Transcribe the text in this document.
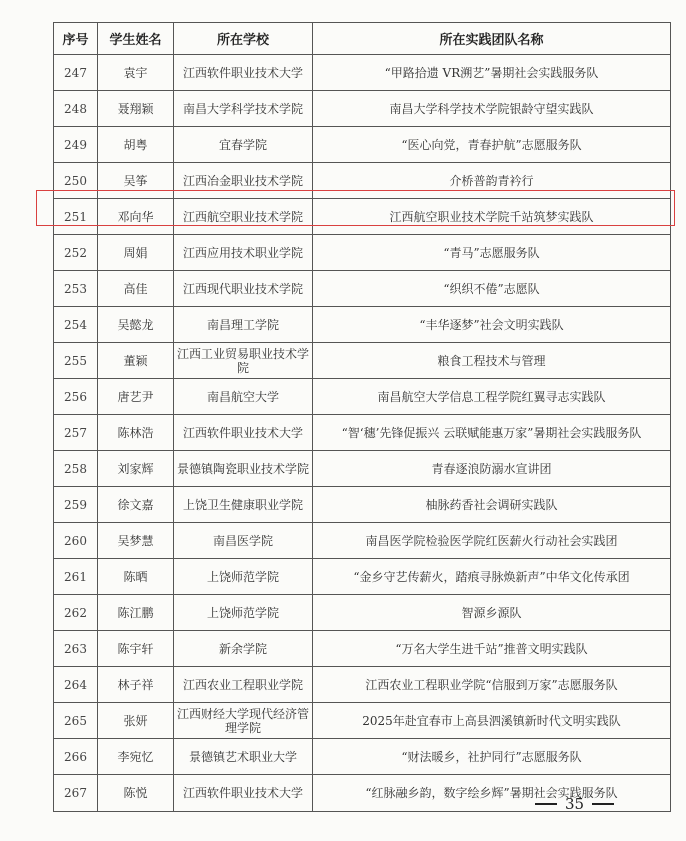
序号	学生姓名	所在学校	所在实践团队名称
247	袁宇	江西软件职业技术大学	“甲路拾遗 VR溯艺”暑期社会实践服务队
248	聂翔颖	南昌大学科学技术学院	南昌大学科学技术学院银龄守望实践队
249	胡粤	宜春学院	“医心向党，青春护航”志愿服务队
250	吴筝	江西冶金职业技术学院	介桥普韵青衿行
251	邓向华	江西航空职业技术学院	江西航空职业技术学院千站筑梦实践队
252	周娟	江西应用技术职业学院	“青马”志愿服务队
253	高佳	江西现代职业技术学院	“织织不倦”志愿队
254	吴懿龙	南昌理工学院	“丰华逐梦”社会文明实践队
255	董颖	江西工业贸易职业技术学院	粮食工程技术与管理
256	唐艺尹	南昌航空大学	南昌航空大学信息工程学院红翼寻志实践队
257	陈林浩	江西软件职业技术大学	“智‘穗’先锋促振兴 云联赋能惠万家”暑期社会实践服务队
258	刘家辉	景德镇陶瓷职业技术学院	青春逐浪防溺水宣讲团
259	徐文嘉	上饶卫生健康职业学院	柚脉药香社会调研实践队
260	吴梦慧	南昌医学院	南昌医学院检验医学院红医薪火行动社会实践团
261	陈晒	上饶师范学院	“金乡守艺传薪火，踏痕寻脉焕新声”中华文化传承团
262	陈江鹏	上饶师范学院	智源乡源队
263	陈宇轩	新余学院	“万名大学生进千站”推普文明实践队
264	林子祥	江西农业工程职业学院	江西农业工程职业学院“信服到万家”志愿服务队
265	张妍	江西财经大学现代经济管理学院	2025年赴宜春市上高县泗溪镇新时代文明实践队
266	李宛忆	景德镇艺术职业大学	“财法暖乡，社护同行”志愿服务队
267	陈悦	江西软件职业技术大学	“红脉融乡韵，数字绘乡辉”暑期社会实践服务队
35
